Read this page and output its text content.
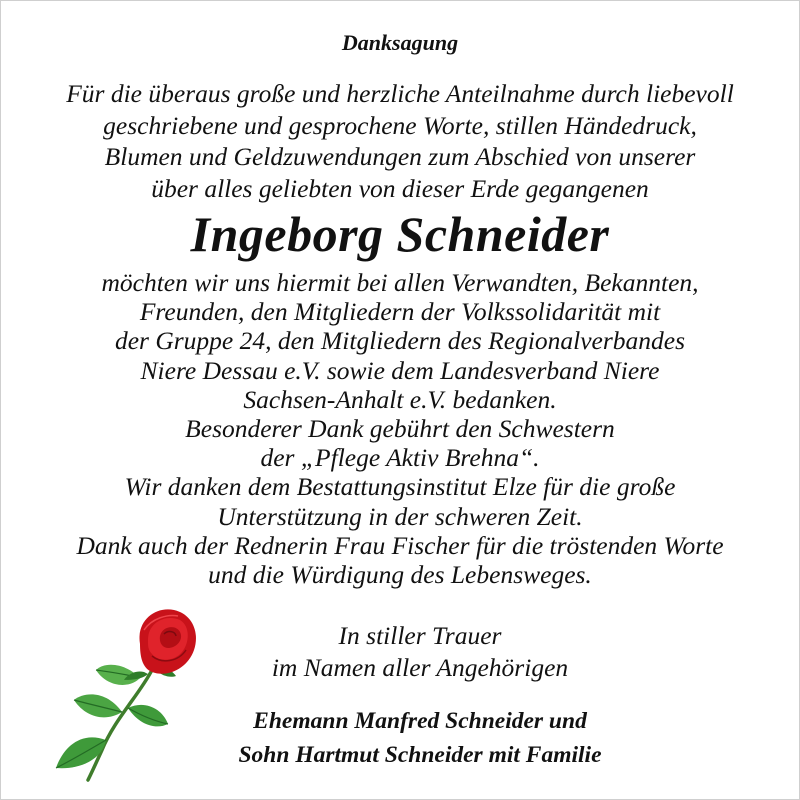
Danksagung
Für die überaus große und herzliche Anteilnahme durch liebevoll
geschriebene und gesprochene Worte, stillen Händedruck,
Blumen und Geldzuwendungen zum Abschied von unserer
über alles geliebten von dieser Erde gegangenen
Ingeborg Schneider
möchten wir uns hiermit bei allen Verwandten, Bekannten,
Freunden, den Mitgliedern der Volkssolidarität mit
der Gruppe 24, den Mitgliedern des Regionalverbandes
Niere Dessau e.V. sowie dem Landesverband Niere
Sachsen-Anhalt e.V. bedanken.
Besonderer Dank gebührt den Schwestern
der „Pflege Aktiv Brehna“.
Wir danken dem Bestattungsinstitut Elze für die große
Unterstützung in der schweren Zeit.
Dank auch der Rednerin Frau Fischer für die tröstenden Worte
und die Würdigung des Lebensweges.
In stiller Trauer
im Namen aller Angehörigen
Ehemann Manfred Schneider und
Sohn Hartmut Schneider mit Familie
